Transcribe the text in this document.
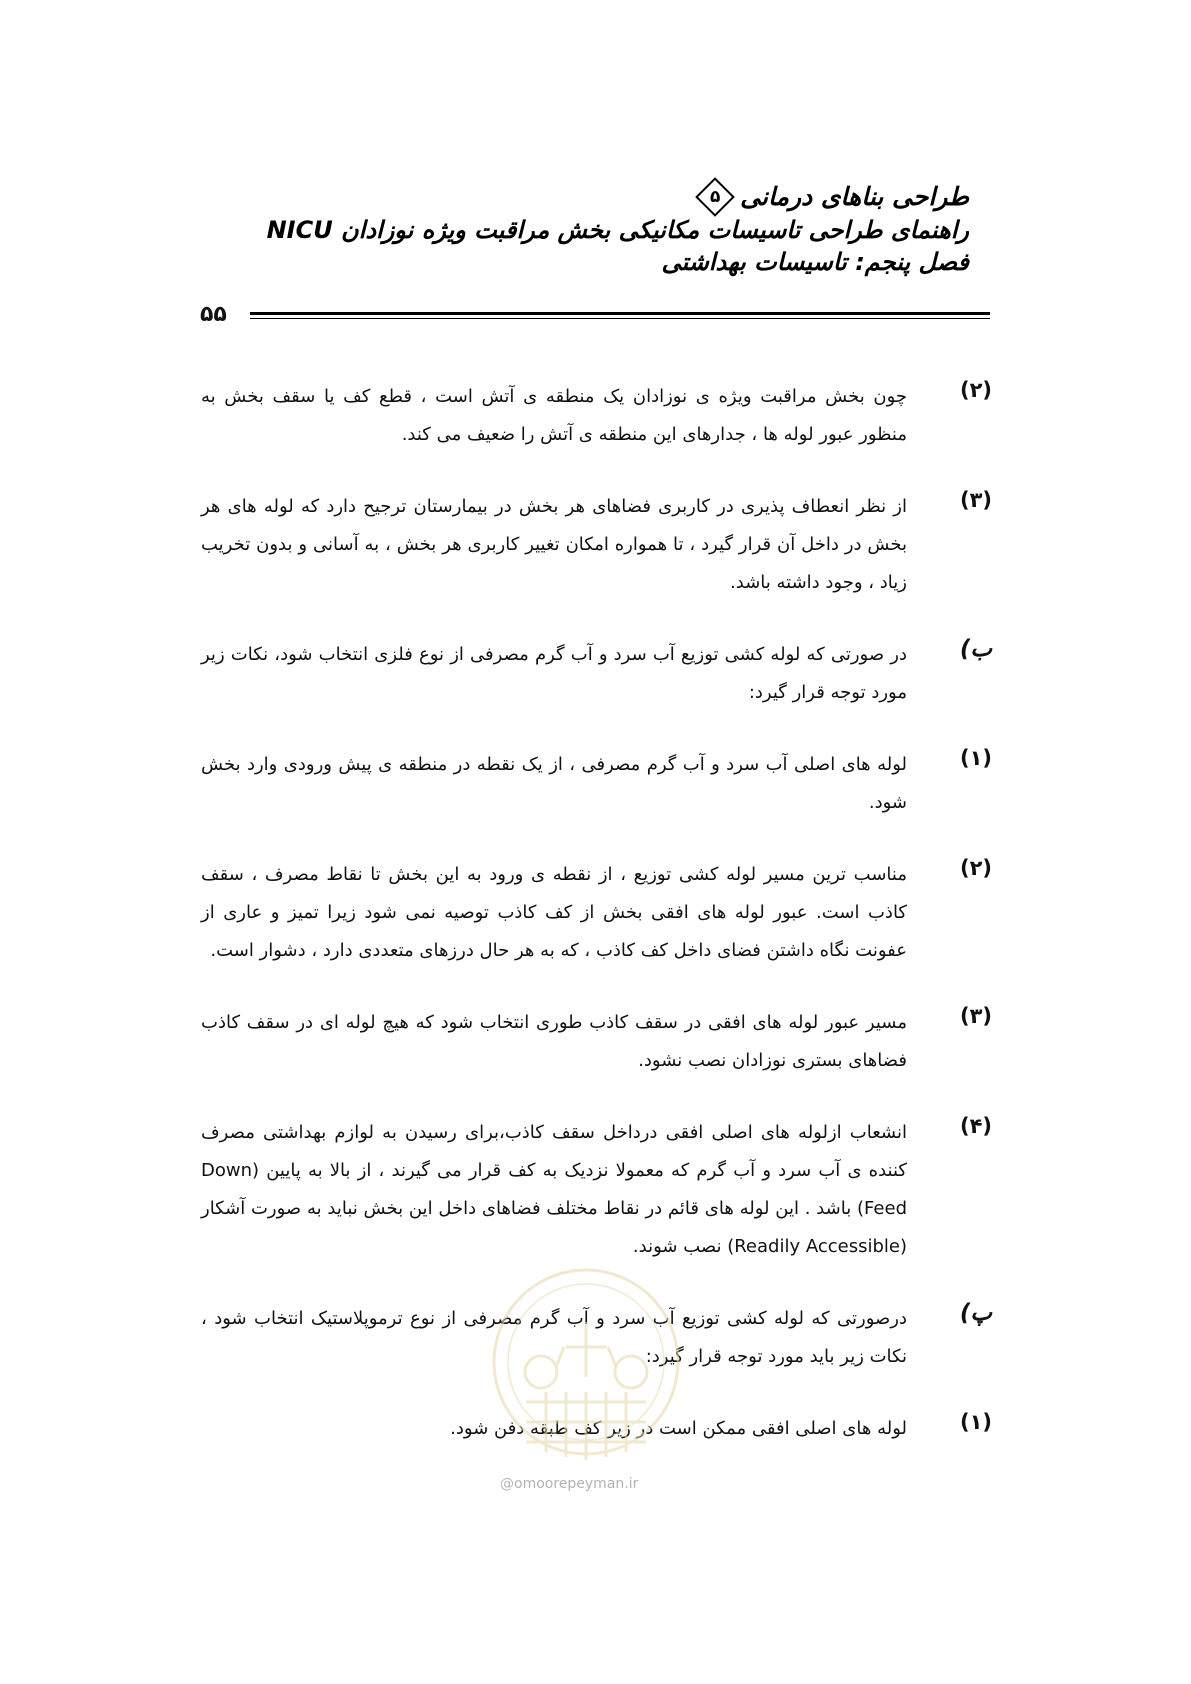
طراحی بناهای درمانی
۵
راهنمای طراحی تاسیسات مکانیکی بخش مراقبت ویژه نوزادان NICU
فصل پنجم: تاسیسات بهداشتی
۵۵
(۲)
چون بخش مراقبت ویژه ی نوزادان یک منطقه ی آتش است ، قطع کف یا سقف بخش به منظور عبور لوله ها ، جدارهای این منطقه ی آتش را ضعیف می کند.
(۳)
از نظر انعطاف پذیری در کاربری فضاهای هر بخش در بیمارستان ترجیح دارد که لوله های هر بخش در داخل آن قرار گیرد ، تا همواره امکان تغییر کاربری هر بخش ، به آسانی و بدون تخریب زیاد ، وجود داشته باشد.
ب)
در صورتی که لوله کشی توزیع آب سرد و آب گرم مصرفی از نوع فلزی انتخاب شود، نکات زیر مورد توجه قرار گیرد:
(۱)
لوله های اصلی آب سرد و آب گرم مصرفی ، از یک نقطه در منطقه ی پیش ورودی وارد بخش شود.
(۲)
مناسب ترین مسیر لوله کشی توزیع ، از نقطه ی ورود به این بخش تا نقاط مصرف ، سقف کاذب است. عبور لوله های افقی بخش از کف کاذب توصیه نمی شود زیرا تمیز و عاری از عفونت نگاه داشتن فضای داخل کف کاذب ، که به هر حال درزهای متعددی دارد ، دشوار است.
(۳)
مسیر عبور لوله های افقی در سقف کاذب طوری انتخاب شود که هیچ لوله ای در سقف کاذب فضاهای بستری نوزادان نصب نشود.
(۴)
انشعاب ازلوله های اصلی افقی درداخل سقف کاذب،برای رسیدن به لوازم بهداشتی مصرف کننده ی آب سرد و آب گرم که معمولا نزدیک به کف قرار می گیرند ، از بالا به پایین (Down Feed) باشد . این لوله های قائم در نقاط مختلف فضاهای داخل این بخش نباید به صورت آشکار (Readily Accessible) نصب شوند.
پ)
درصورتی که لوله کشی توزیع آب سرد و آب گرم مصرفی از نوع ترموپلاستیک انتخاب شود ، نکات زیر باید مورد توجه قرار گیرد:
(۱)
لوله های اصلی افقی ممکن است در زیر کف طبقه دفن شود.
@omoorepeyman.ir
